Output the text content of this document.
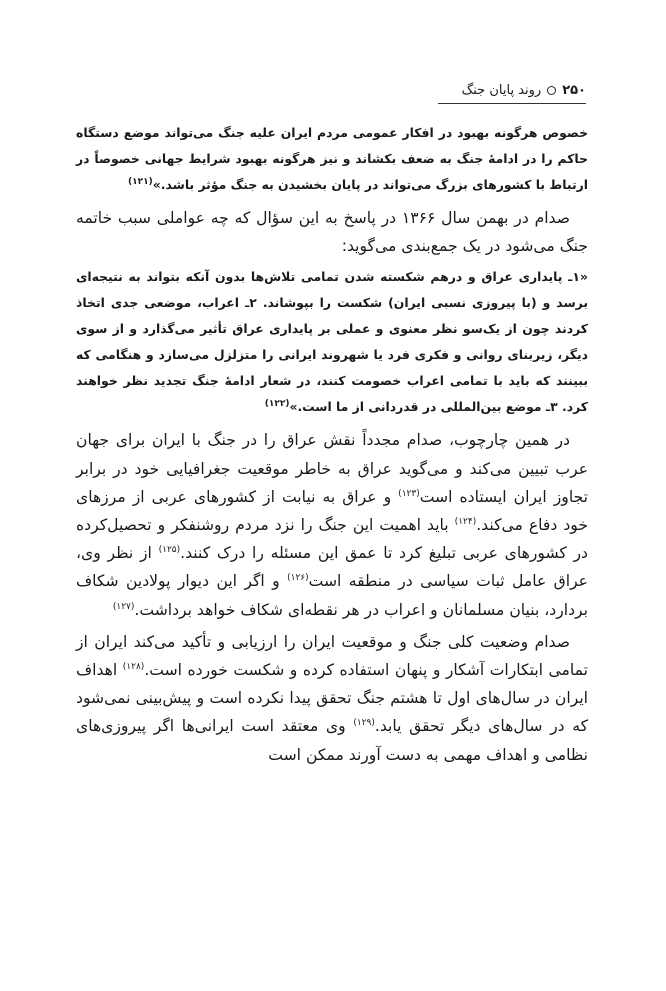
۲۵۰
روند پایان جنگ

خصوص هرگونه بهبود در افکار عمومی مردم ایران علیه جنگ می‌تواند موضع دستگاه حاکم را در ادامهٔ جنگ به ضعف بکشاند و نیز هرگونه بهبود شرایط جهانی خصوصاً در ارتباط با کشورهای بزرگ می‌تواند در پایان بخشیدن به جنگ مؤثر باشد.»$^{(۱۲۱)}$

صدام در بهمن سال ۱۳۶۶ در پاسخ به این سؤال که چه عواملی سبب خاتمه جنگ می‌شود در یک جمع‌بندی می‌گوید:

«۱ـ پایداری عراق و درهم شکسته شدن تمامی تلاش‌ها بدون آنکه بتواند به نتیجه‌ای برسد و (با پیروزی نسبی ایران) شکست را بپوشاند. ۲ـ اعراب، موضعی جدی اتخاذ کردند چون از یک‌سو نظر معنوی و عملی بر پایداری عراق تأثیر می‌گذارد و از سوی دیگر، زیربنای روانی و فکری فرد یا شهروند ایرانی را متزلزل می‌سازد و هنگامی که ببینند که باید با تمامی اعراب خصومت کنند، در شعار ادامهٔ جنگ تجدید نظر خواهند کرد. ۳ـ موضع بین‌المللی در قدردانی از ما است.»$^{(۱۲۲)}$

در همین چارچوب، صدام مجدداً نقش عراق را در جنگ با ایران برای جهان عرب تبیین می‌کند و می‌گوید عراق به خاطر موقعیت جغرافیایی خود در برابر تجاوز ایران ایستاده است$^{(۱۲۳)}$ و عراق به نیابت از کشورهای عربی از مرزهای خود دفاع می‌کند.$^{(۱۲۴)}$ باید اهمیت این جنگ را نزد مردم روشنفکر و تحصیل‌کرده در کشورهای عربی تبلیغ کرد تا عمق این مسئله را درک کنند.$^{(۱۲۵)}$ از نظر وی، عراق عامل ثبات سیاسی در منطقه است$^{(۱۲۶)}$ و اگر این دیوار پولادین شکاف بردارد، بنیان مسلمانان و اعراب در هر نقطه‌ای شکاف خواهد برداشت.$^{(۱۲۷)}$

صدام وضعیت کلی جنگ و موقعیت ایران را ارزیابی و تأکید می‌کند ایران از تمامی ابتکارات آشکار و پنهان استفاده کرده و شکست خورده است.$^{(۱۲۸)}$ اهداف ایران در سال‌های اول تا هشتم جنگ تحقق پیدا نکرده است و پیش‌بینی نمی‌شود که در سال‌های دیگر تحقق یابد.$^{(۱۲۹)}$ وی معتقد است ایرانی‌ها اگر پیروزی‌های نظامی و اهداف مهمی به دست آورند ممکن است
